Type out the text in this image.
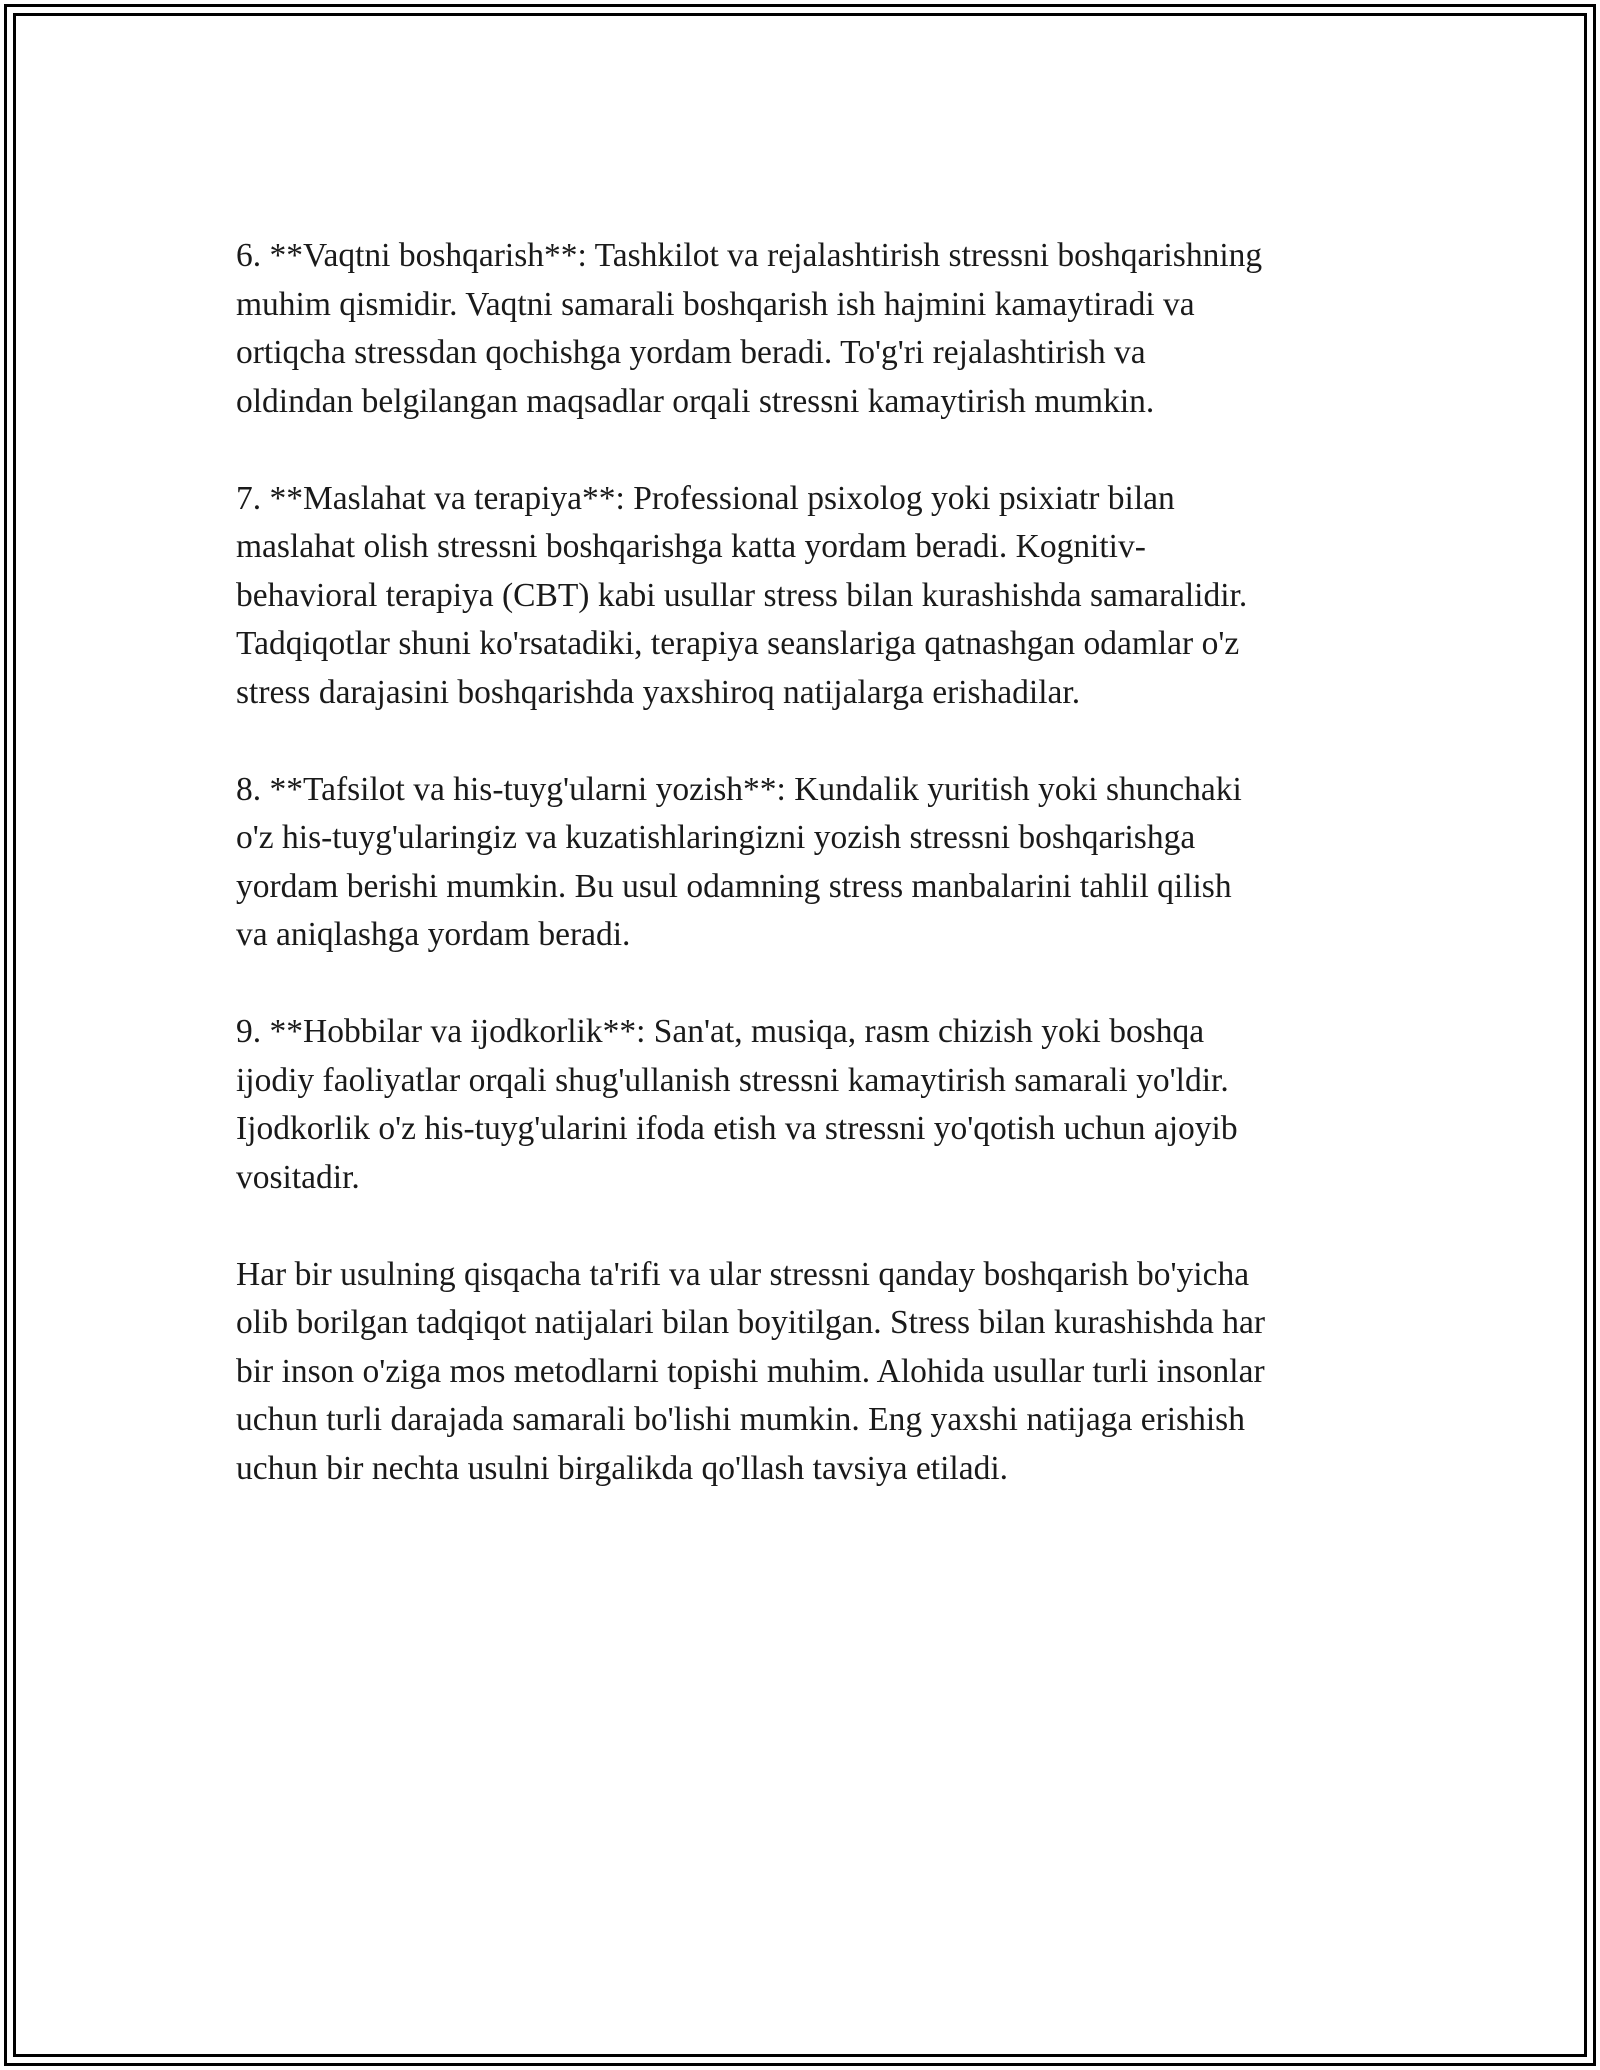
6. **Vaqtni boshqarish**: Tashkilot va rejalashtirish stressni boshqarishning
muhim qismidir. Vaqtni samarali boshqarish ish hajmini kamaytiradi va
ortiqcha stressdan qochishga yordam beradi. To'g'ri rejalashtirish va
oldindan belgilangan maqsadlar orqali stressni kamaytirish mumkin.

7. **Maslahat va terapiya**: Professional psixolog yoki psixiatr bilan
maslahat olish stressni boshqarishga katta yordam beradi. Kognitiv-
behavioral terapiya (CBT) kabi usullar stress bilan kurashishda samaralidir.
Tadqiqotlar shuni ko'rsatadiki, terapiya seanslariga qatnashgan odamlar o'z
stress darajasini boshqarishda yaxshiroq natijalarga erishadilar.

8. **Tafsilot va his-tuyg'ularni yozish**: Kundalik yuritish yoki shunchaki
o'z his-tuyg'ularingiz va kuzatishlaringizni yozish stressni boshqarishga
yordam berishi mumkin. Bu usul odamning stress manbalarini tahlil qilish
va aniqlashga yordam beradi.

9. **Hobbilar va ijodkorlik**: San'at, musiqa, rasm chizish yoki boshqa
ijodiy faoliyatlar orqali shug'ullanish stressni kamaytirish samarali yo'ldir.
Ijodkorlik o'z his-tuyg'ularini ifoda etish va stressni yo'qotish uchun ajoyib
vositadir.

Har bir usulning qisqacha ta'rifi va ular stressni qanday boshqarish bo'yicha
olib borilgan tadqiqot natijalari bilan boyitilgan. Stress bilan kurashishda har
bir inson o'ziga mos metodlarni topishi muhim. Alohida usullar turli insonlar
uchun turli darajada samarali bo'lishi mumkin. Eng yaxshi natijaga erishish
uchun bir nechta usulni birgalikda qo'llash tavsiya etiladi.
